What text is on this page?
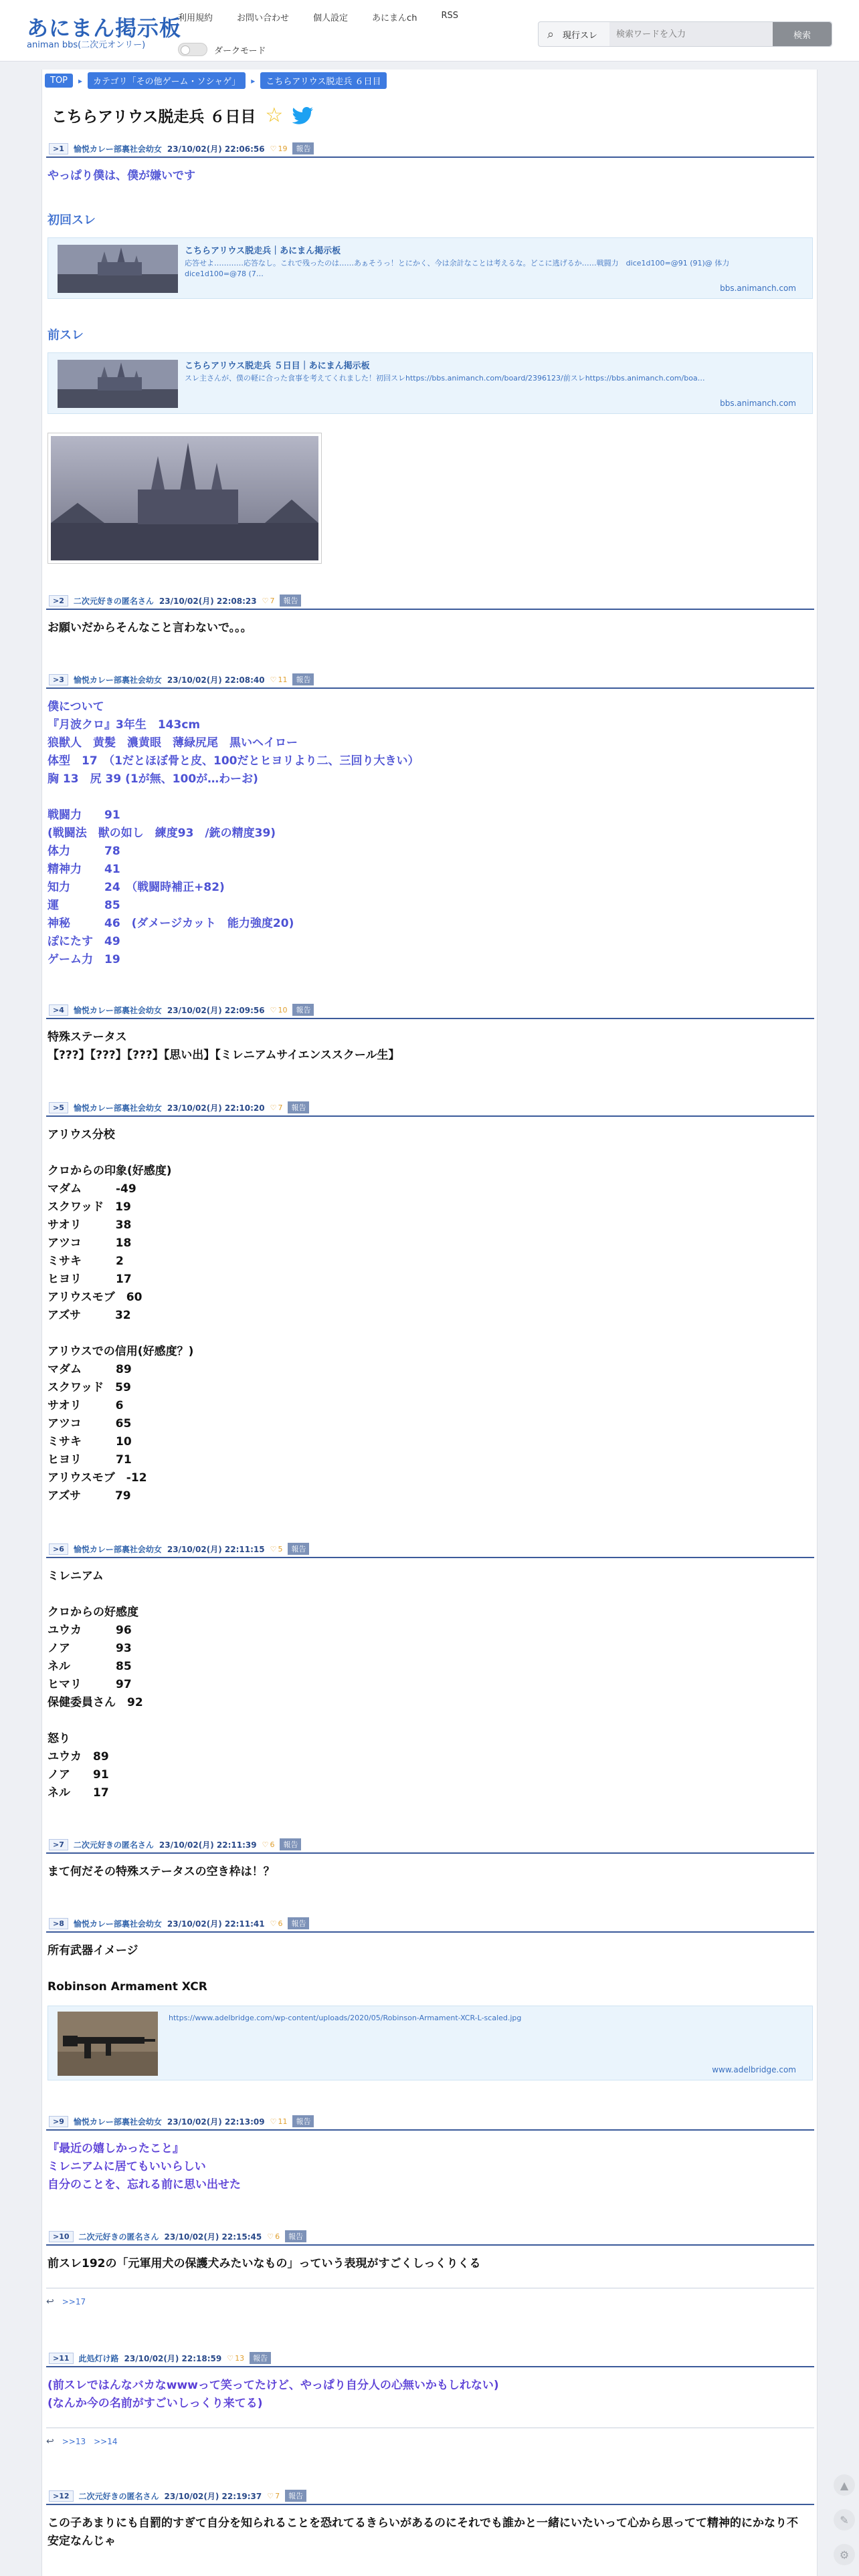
あにまん掲示板
animan bbs(二次元オンリー)
利用規約	お問い合わせ	個人設定	あにまんch	RSS
ダークモード
⌕ 現行スレ
検索ワードを入力	検索
TOP	▸	カテゴリ「その他ゲーム・ソシャゲ」	▸	こちらアリウス脱走兵 ６日目
こちらアリウス脱走兵 ６日目 ☆
>1	愉悦カレー部裏社会幼女 23/10/02(月) 22:06:56 ♡ 19	報告
やっぱり僕は、僕が嫌いです
初回スレ
こちらアリウス脱走兵｜あにまん掲示板
応答せよ…………応答なし。これで残ったのは……あぁそうっ！とにかく、今は余計なことは考えるな。どこに逃げるか……戦闘力　dice1d100=@91 (91)@ 体力dice1d100=@78 (7…
bbs.animanch.com
前スレ
こちらアリウス脱走兵 ５日目｜あにまん掲示板
スレ主さんが、僕の軽に合った食事を考えてくれました！初回スレhttps://bbs.animanch.com/board/2396123/前スレhttps://bbs.animanch.com/boa…
bbs.animanch.com
>2	二次元好きの匿名さん 23/10/02(月) 22:08:23 ♡ 7	報告
お願いだからそんなこと言わないで。。。
>3	愉悦カレー部裏社会幼女 23/10/02(月) 22:08:40 ♡ 11	報告
僕について
『月波クロ』3年生　143cm
狼獣人　黄髪　濃黄眼　薄緑尻尾　黒いヘイロー
体型　17　（1だとほぼ骨と皮、100だとヒヨリより二、三回り大きい）
胸 13　尻 39 (1が無、100が…わーお)

戦闘力　　91
(戦闘法　獣の如し　練度93　/銃の精度39)
体力　　　78
精神力　　41
知力　　　24　（戦闘時補正+82)
運　　　　85
神秘　　　46　(ダメージカット　能力強度20)
ぽにたす　49
ゲーム力　19
>4	愉悦カレー部裏社会幼女 23/10/02(月) 22:09:56 ♡ 10	報告
特殊ステータス
【???】【???】【???】【思い出】【ミレニアムサイエンススクール生】
>5	愉悦カレー部裏社会幼女 23/10/02(月) 22:10:20 ♡ 7	報告
アリウス分校

クロからの印象(好感度)
マダム　　　-49
スクワッド　19
サオリ　　　38
アツコ　　　18
ミサキ　　　2
ヒヨリ　　　17
アリウスモブ　60
アズサ　　　32

アリウスでの信用(好感度？)
マダム　　　89
スクワッド　59
サオリ　　　6
アツコ　　　65
ミサキ　　　10
ヒヨリ　　　71
アリウスモブ　-12
アズサ　　　79
>6	愉悦カレー部裏社会幼女 23/10/02(月) 22:11:15 ♡ 5	報告
ミレニアム

クロからの好感度
ユウカ　　　96
ノア　　　　93
ネル　　　　85
ヒマリ　　　97
保健委員さん　92

怒り
ユウカ　89
ノア　　91
ネル　　17
>7	二次元好きの匿名さん 23/10/02(月) 22:11:39 ♡ 6	報告
まて何だその特殊ステータスの空き枠は！？
>8	愉悦カレー部裏社会幼女 23/10/02(月) 22:11:41 ♡ 6	報告
所有武器イメージ

Robinson Armament XCR
https://www.adelbridge.com/wp-content/uploads/2020/05/Robinson-Armament-XCR-L-scaled.jpg
www.adelbridge.com
>9	愉悦カレー部裏社会幼女 23/10/02(月) 22:13:09 ♡ 11	報告
『最近の嬉しかったこと』
ミレニアムに居てもいいらしい
自分のことを、忘れる前に思い出せた
>10	二次元好きの匿名さん 23/10/02(月) 22:15:45 ♡ 6	報告
前スレ192の「元軍用犬の保護犬みたいなもの」っていう表現がすごくしっくりくる
↩ >>17
>11	此処灯け路 23/10/02(月) 22:18:59 ♡ 13	報告
(前スレではんなバカなwwwって笑ってたけど、やっぱり自分人の心無いかもしれない)
(なんか今の名前がすごいしっくり来てる)
↩ >>13 >>14
>12	二次元好きの匿名さん 23/10/02(月) 22:19:37 ♡ 7	報告
この子あまりにも自罰的すぎて自分を知られることを恐れてるきらいがあるのにそれでも誰かと一緒にいたいって心から思ってて精神的にかなり不安定なんじゃ
▲
✎
⚙
